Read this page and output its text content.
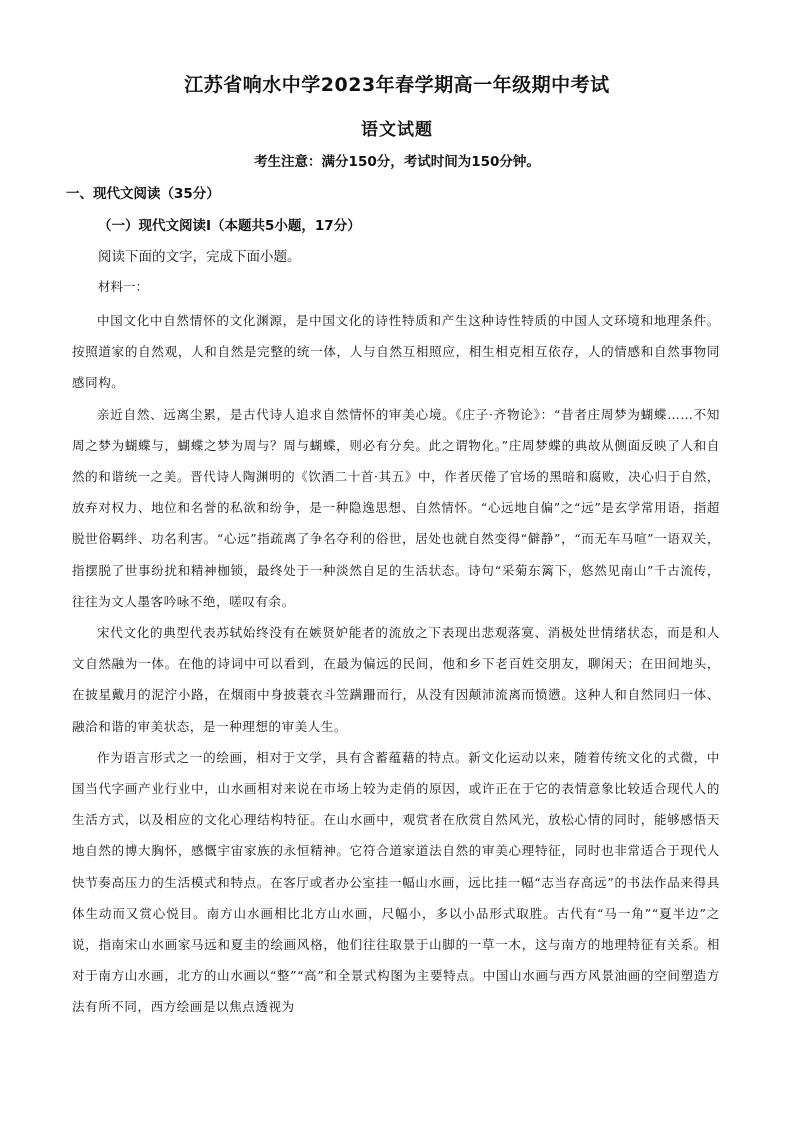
江苏省响水中学2023年春学期高一年级期中考试
语文试题
考生注意：满分150分，考试时间为150分钟。
一、现代文阅读（35分）
（一）现代文阅读Ⅰ（本题共5小题，17分）
阅读下面的文字，完成下面小题。
材料一：

中国文化中自然情怀的文化渊源，是中国文化的诗性特质和产生这种诗性特质的中国人文环境和地理条件。按照道家的自然观，人和自然是完整的统一体，人与自然互相照应，相生相克相互依存，人的情感和自然事物同感同构。

亲近自然、远离尘累，是古代诗人追求自然情怀的审美心境。《庄子·齐物论》：“昔者庄周梦为蝴蝶……不知周之梦为蝴蝶与，蝴蝶之梦为周与？周与蝴蝶，则必有分矣。此之谓物化。”庄周梦蝶的典故从侧面反映了人和自然的和谐统一之美。晋代诗人陶渊明的《饮酒二十首·其五》中，作者厌倦了官场的黑暗和腐败，决心归于自然，放弃对权力、地位和名誉的私欲和纷争，是一种隐逸思想、自然情怀。“心远地自偏”之“远”是玄学常用语，指超脱世俗羁绊、功名利害。“心远”指疏离了争名夺利的俗世，居处也就自然变得“僻静”，“而无车马喧”一语双关，指摆脱了世事纷扰和精神枷锁，最终处于一种淡然自足的生活状态。诗句“采菊东篱下，悠然见南山”千古流传，往往为文人墨客吟咏不绝，嗟叹有余。

宋代文化的典型代表苏轼始终没有在嫉贤妒能者的流放之下表现出悲观落寞、消极处世情绪状态，而是和人文自然融为一体。在他的诗词中可以看到，在最为偏远的民间，他和乡下老百姓交朋友，聊闲天；在田间地头，在披星戴月的泥泞小路，在烟雨中身披蓑衣斗笠蹒跚而行，从没有因颠沛流离而愤懑。这种人和自然同归一体、融洽和谐的审美状态，是一种理想的审美人生。

作为语言形式之一的绘画，相对于文学，具有含蓄蕴藉的特点。新文化运动以来，随着传统文化的式微，中国当代字画产业行业中，山水画相对来说在市场上较为走俏的原因，或许正在于它的表情意象比较适合现代人的生活方式，以及相应的文化心理结构特征。在山水画中，观赏者在欣赏自然风光，放松心情的同时，能够感悟天地自然的博大胸怀，感慨宇宙家族的永恒精神。它符合道家道法自然的审美心理特征，同时也非常适合于现代人快节奏高压力的生活模式和特点。在客厅或者办公室挂一幅山水画，远比挂一幅“志当存高远”的书法作品来得具体生动而又赏心悦目。南方山水画相比北方山水画，尺幅小，多以小品形式取胜。古代有“马一角”“夏半边”之说，指南宋山水画家马远和夏圭的绘画风格，他们往往取景于山脚的一草一木，这与南方的地理特征有关系。相对于南方山水画，北方的山水画以“整”“高”和全景式构图为主要特点。中国山水画与西方风景油画的空间塑造方法有所不同，西方绘画是以焦点透视为
